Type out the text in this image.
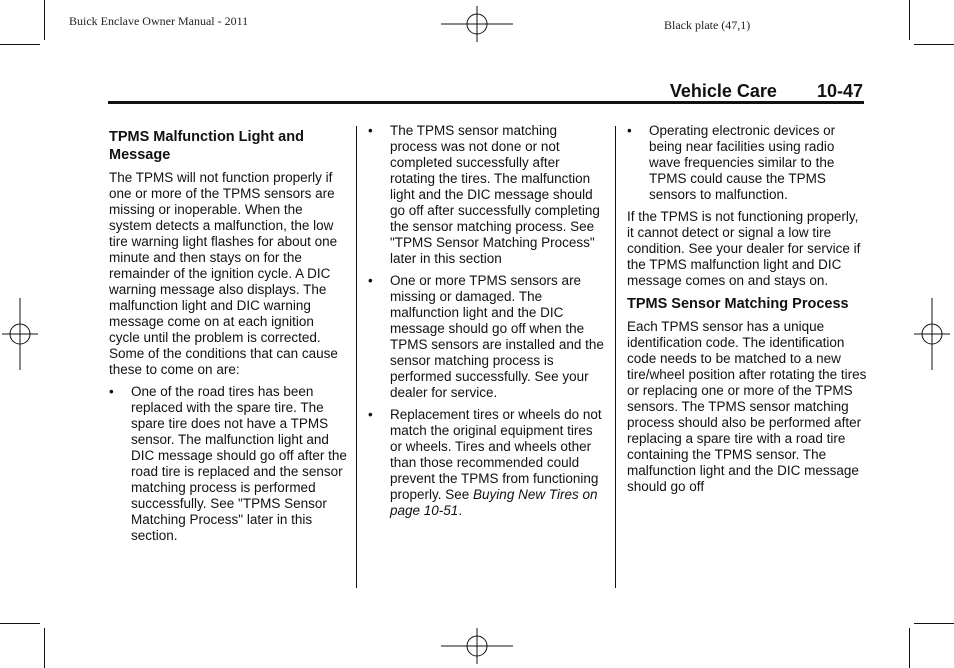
Buick Enclave Owner Manual - 2011	Black plate (47,1)
Vehicle Care 10-47
TPMS Malfunction Light and Message

The TPMS will not function properly if one or more of the TPMS sensors are missing or inoperable. When the system detects a malfunction, the low tire warning light flashes for about one minute and then stays on for the remainder of the ignition cycle. A DIC warning message also displays. The malfunction light and DIC warning message come on at each ignition cycle until the problem is corrected. Some of the conditions that can cause these to come on are:

• One of the road tires has been replaced with the spare tire. The spare tire does not have a TPMS sensor. The malfunction light and DIC message should go off after the road tire is replaced and the sensor matching process is performed successfully. See "TPMS Sensor Matching Process" later in this section.
• The TPMS sensor matching process was not done or not completed successfully after rotating the tires. The malfunction light and the DIC message should go off after successfully completing the sensor matching process. See "TPMS Sensor Matching Process" later in this section
• One or more TPMS sensors are missing or damaged. The malfunction light and the DIC message should go off when the TPMS sensors are installed and the sensor matching process is performed successfully. See your dealer for service.
• Replacement tires or wheels do not match the original equipment tires or wheels. Tires and wheels other than those recommended could prevent the TPMS from functioning properly. See Buying New Tires on page 10-51.
• Operating electronic devices or being near facilities using radio wave frequencies similar to the TPMS could cause the TPMS sensors to malfunction.

If the TPMS is not functioning properly, it cannot detect or signal a low tire condition. See your dealer for service if the TPMS malfunction light and DIC message comes on and stays on.

TPMS Sensor Matching Process

Each TPMS sensor has a unique identification code. The identification code needs to be matched to a new tire/wheel position after rotating the tires or replacing one or more of the TPMS sensors. The TPMS sensor matching process should also be performed after replacing a spare tire with a road tire containing the TPMS sensor. The malfunction light and the DIC message should go off
